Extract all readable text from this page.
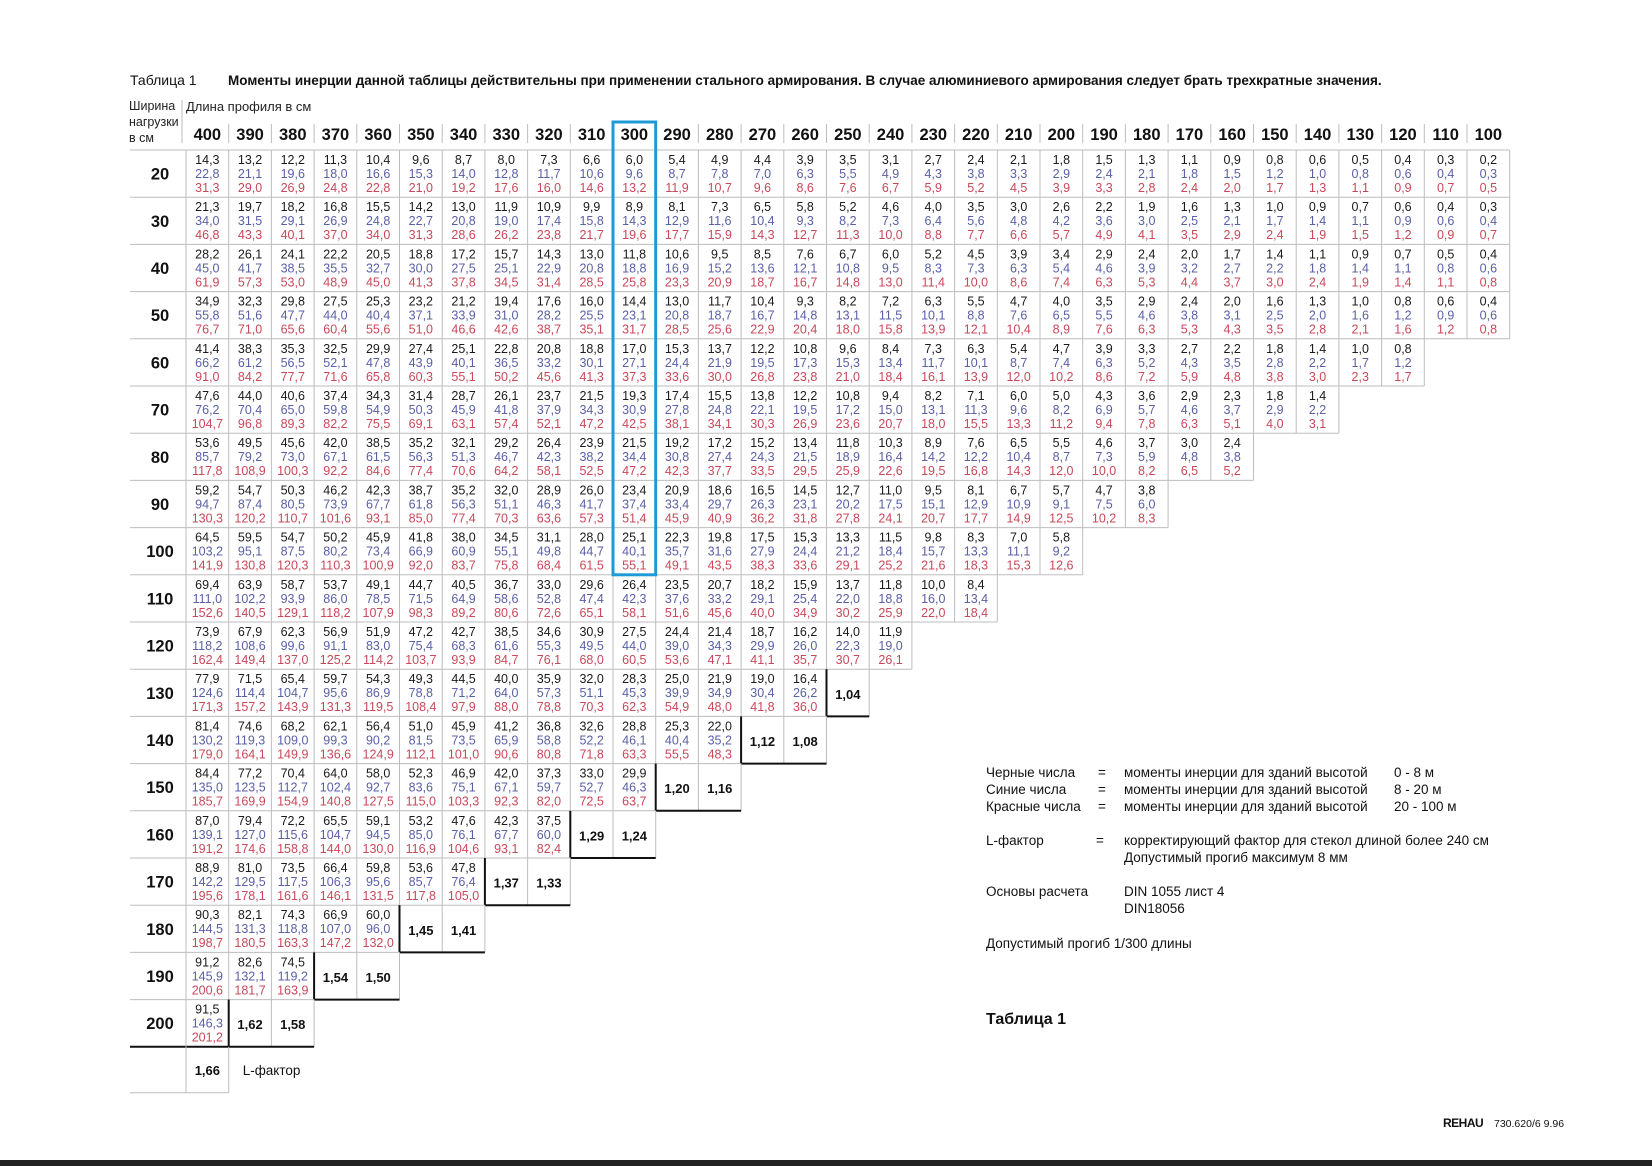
Таблица 1 Моменты инерции данной таблицы действительны при применении стального армирования. В случае алюминиевого армирования следует брать трехкратные значения.
Ширина нагрузки в см
Длина профиля в см
400 390 380 370 360 350 340 330 320 310 300 290 280 270 260 250 240 230 220 210 200 190 180 170 160 150 140 130 120 110 100
20
14,3
22,8
31,3
13,2
21,1
29,0
12,2
19,6
26,9
11,3
18,0
24,8
10,4
16,6
22,8
9,6
15,3
21,0
8,7
14,0
19,2
8,0
12,8
17,6
7,3
11,7
16,0
6,6
10,6
14,6
6,0
9,6
13,2
5,4
8,7
11,9
4,9
7,8
10,7
4,4
7,0
9,6
3,9
6,3
8,6
3,5
5,5
7,6
3,1
4,9
6,7
2,7
4,3
5,9
2,4
3,8
5,2
2,1
3,3
4,5
1,8
2,9
3,9
1,5
2,4
3,3
1,3
2,1
2,8
1,1
1,8
2,4
0,9
1,5
2,0
0,8
1,2
1,7
0,6
1,0
1,3
0,5
0,8
1,1
0,4
0,6
0,9
0,3
0,4
0,7
0,2
0,3
0,5
30
21,3
34,0
46,8
19,7
31,5
43,3
18,2
29,1
40,1
16,8
26,9
37,0
15,5
24,8
34,0
14,2
22,7
31,3
13,0
20,8
28,6
11,9
19,0
26,2
10,9
17,4
23,8
9,9
15,8
21,7
8,9
14,3
19,6
8,1
12,9
17,7
7,3
11,6
15,9
6,5
10,4
14,3
5,8
9,3
12,7
5,2
8,2
11,3
4,6
7,3
10,0
4,0
6,4
8,8
3,5
5,6
7,7
3,0
4,8
6,6
2,6
4,2
5,7
2,2
3,6
4,9
1,9
3,0
4,1
1,6
2,5
3,5
1,3
2,1
2,9
1,0
1,7
2,4
0,9
1,4
1,9
0,7
1,1
1,5
0,6
0,9
1,2
0,4
0,6
0,9
0,3
0,4
0,7
40
28,2
45,0
61,9
26,1
41,7
57,3
24,1
38,5
53,0
22,2
35,5
48,9
20,5
32,7
45,0
18,8
30,0
41,3
17,2
27,5
37,8
15,7
25,1
34,5
14,3
22,9
31,4
13,0
20,8
28,5
11,8
18,8
25,8
10,6
16,9
23,3
9,5
15,2
20,9
8,5
13,6
18,7
7,6
12,1
16,7
6,7
10,8
14,8
6,0
9,5
13,0
5,2
8,3
11,4
4,5
7,3
10,0
3,9
6,3
8,6
3,4
5,4
7,4
2,9
4,6
6,3
2,4
3,9
5,3
2,0
3,2
4,4
1,7
2,7
3,7
1,4
2,2
3,0
1,1
1,8
2,4
0,9
1,4
1,9
0,7
1,1
1,4
0,5
0,8
1,1
0,4
0,6
0,8
50
34,9
55,8
76,7
32,3
51,6
71,0
29,8
47,7
65,6
27,5
44,0
60,4
25,3
40,4
55,6
23,2
37,1
51,0
21,2
33,9
46,6
19,4
31,0
42,6
17,6
28,2
38,7
16,0
25,5
35,1
14,4
23,1
31,7
13,0
20,8
28,5
11,7
18,7
25,6
10,4
16,7
22,9
9,3
14,8
20,4
8,2
13,1
18,0
7,2
11,5
15,8
6,3
10,1
13,9
5,5
8,8
12,1
4,7
7,6
10,4
4,0
6,5
8,9
3,5
5,5
7,6
2,9
4,6
6,3
2,4
3,8
5,3
2,0
3,1
4,3
1,6
2,5
3,5
1,3
2,0
2,8
1,0
1,6
2,1
0,8
1,2
1,6
0,6
0,9
1,2
0,4
0,6
0,8
60
41,4
66,2
91,0
38,3
61,2
84,2
35,3
56,5
77,7
32,5
52,1
71,6
29,9
47,8
65,8
27,4
43,9
60,3
25,1
40,1
55,1
22,8
36,5
50,2
20,8
33,2
45,6
18,8
30,1
41,3
17,0
27,1
37,3
15,3
24,4
33,6
13,7
21,9
30,0
12,2
19,5
26,8
10,8
17,3
23,8
9,6
15,3
21,0
8,4
13,4
18,4
7,3
11,7
16,1
6,3
10,1
13,9
5,4
8,7
12,0
4,7
7,4
10,2
3,9
6,3
8,6
3,3
5,2
7,2
2,7
4,3
5,9
2,2
3,5
4,8
1,8
2,8
3,8
1,4
2,2
3,0
1,0
1,7
2,3
0,8
1,2
1,7
70
47,6
76,2
104,7
44,0
70,4
96,8
40,6
65,0
89,3
37,4
59,8
82,2
34,3
54,9
75,5
31,4
50,3
69,1
28,7
45,9
63,1
26,1
41,8
57,4
23,7
37,9
52,1
21,5
34,3
47,2
19,3
30,9
42,5
17,4
27,8
38,1
15,5
24,8
34,1
13,8
22,1
30,3
12,2
19,5
26,9
10,8
17,2
23,6
9,4
15,0
20,7
8,2
13,1
18,0
7,1
11,3
15,5
6,0
9,6
13,3
5,0
8,2
11,2
4,3
6,9
9,4
3,6
5,7
7,8
2,9
4,6
6,3
2,3
3,7
5,1
1,8
2,9
4,0
1,4
2,2
3,1
80
53,6
85,7
117,8
49,5
79,2
108,9
45,6
73,0
100,3
42,0
67,1
92,2
38,5
61,5
84,6
35,2
56,3
77,4
32,1
51,3
70,6
29,2
46,7
64,2
26,4
42,3
58,1
23,9
38,2
52,5
21,5
34,4
47,2
19,2
30,8
42,3
17,2
27,4
37,7
15,2
24,3
33,5
13,4
21,5
29,5
11,8
18,9
25,9
10,3
16,4
22,6
8,9
14,2
19,5
7,6
12,2
16,8
6,5
10,4
14,3
5,5
8,7
12,0
4,6
7,3
10,0
3,7
5,9
8,2
3,0
4,8
6,5
2,4
3,8
5,2
90
59,2
94,7
130,3
54,7
87,4
120,2
50,3
80,5
110,7
46,2
73,9
101,6
42,3
67,7
93,1
38,7
61,8
85,0
35,2
56,3
77,4
32,0
51,1
70,3
28,9
46,3
63,6
26,0
41,7
57,3
23,4
37,4
51,4
20,9
33,4
45,9
18,6
29,7
40,9
16,5
26,3
36,2
14,5
23,1
31,8
12,7
20,2
27,8
11,0
17,5
24,1
9,5
15,1
20,7
8,1
12,9
17,7
6,7
10,9
14,9
5,7
9,1
12,5
4,7
7,5
10,2
3,8
6,0
8,3
100
64,5
103,2
141,9
59,5
95,1
130,8
54,7
87,5
120,3
50,2
80,2
110,3
45,9
73,4
100,9
41,8
66,9
92,0
38,0
60,9
83,7
34,5
55,1
75,8
31,1
49,8
68,4
28,0
44,7
61,5
25,1
40,1
55,1
22,3
35,7
49,1
19,8
31,6
43,5
17,5
27,9
38,3
15,3
24,4
33,6
13,3
21,2
29,1
11,5
18,4
25,2
9,8
15,7
21,6
8,3
13,3
18,3
7,0
11,1
15,3
5,8
9,2
12,6
110
69,4
111,0
152,6
63,9
102,2
140,5
58,7
93,9
129,1
53,7
86,0
118,2
49,1
78,5
107,9
44,7
71,5
98,3
40,5
64,9
89,2
36,7
58,6
80,6
33,0
52,8
72,6
29,6
47,4
65,1
26,4
42,3
58,1
23,5
37,6
51,6
20,7
33,2
45,6
18,2
29,1
40,0
15,9
25,4
34,9
13,7
22,0
30,2
11,8
18,8
25,9
10,0
16,0
22,0
8,4
13,4
18,4
120
73,9
118,2
162,4
67,9
108,6
149,4
62,3
99,6
137,0
56,9
91,1
125,2
51,9
83,0
114,2
47,2
75,4
103,7
42,7
68,3
93,9
38,5
61,6
84,7
34,6
55,3
76,1
30,9
49,5
68,0
27,5
44,0
60,5
24,4
39,0
53,6
21,4
34,3
47,1
18,7
29,9
41,1
16,2
26,0
35,7
14,0
22,3
30,7
11,9
19,0
26,1
130
77,9
124,6
171,3
71,5
114,4
157,2
65,4
104,7
143,9
59,7
95,6
131,3
54,3
86,9
119,5
49,3
78,8
108,4
44,5
71,2
97,9
40,0
64,0
88,0
35,9
57,3
78,8
32,0
51,1
70,3
28,3
45,3
62,3
25,0
39,9
54,9
21,9
34,9
48,0
19,0
30,4
41,8
16,4
26,2
36,0
1,04
140
81,4
130,2
179,0
74,6
119,3
164,1
68,2
109,0
149,9
62,1
99,3
136,6
56,4
90,2
124,9
51,0
81,5
112,1
45,9
73,5
101,0
41,2
65,9
90,6
36,8
58,8
80,8
32,6
52,2
71,8
28,8
46,1
63,3
25,3
40,4
55,5
22,0
35,2
48,3
1,12 1,08
150
84,4
135,0
185,7
77,2
123,5
169,9
70,4
112,7
154,9
64,0
102,4
140,8
58,0
92,7
127,5
52,3
83,6
115,0
46,9
75,1
103,3
42,0
67,1
92,3
37,3
59,7
82,0
33,0
52,7
72,5
29,9
46,3
63,7
1,20 1,16
160
87,0
139,1
191,2
79,4
127,0
174,6
72,2
115,6
158,8
65,5
104,7
144,0
59,1
94,5
130,0
53,2
85,0
116,9
47,6
76,1
104,6
42,3
67,7
93,1
37,5
60,0
82,4
1,29 1,24
170
88,9
142,2
195,6
81,0
129,5
178,1
73,5
117,5
161,6
66,4
106,3
146,1
59,8
95,6
131,5
53,6
85,7
117,8
47,8
76,4
105,0
1,37 1,33
180
90,3
144,5
198,7
82,1
131,3
180,5
74,3
118,8
163,3
66,9
107,0
147,2
60,0
96,0
132,0
1,45 1,41
190
91,2
145,9
200,6
82,6
132,1
181,7
74,5
119,2
163,9
1,54 1,50
200
91,5
146,3
201,2
1,62 1,58
1,66 L-фактор
Черные числа = моменты инерции для зданий высотой 0 - 8 м
Синие числа = моменты инерции для зданий высотой 8 - 20 м
Красные числа = моменты инерции для зданий высотой 20 - 100 м
L-фактор	= корректирующий фактор для стекол длиной более 240 см
Допустимый прогиб максимум 8 мм
Основы расчета	DIN 1055 лист 4
DIN18056
Допустимый прогиб 1/300 длины
Таблица 1
REHAU 730.620/6 9.96
